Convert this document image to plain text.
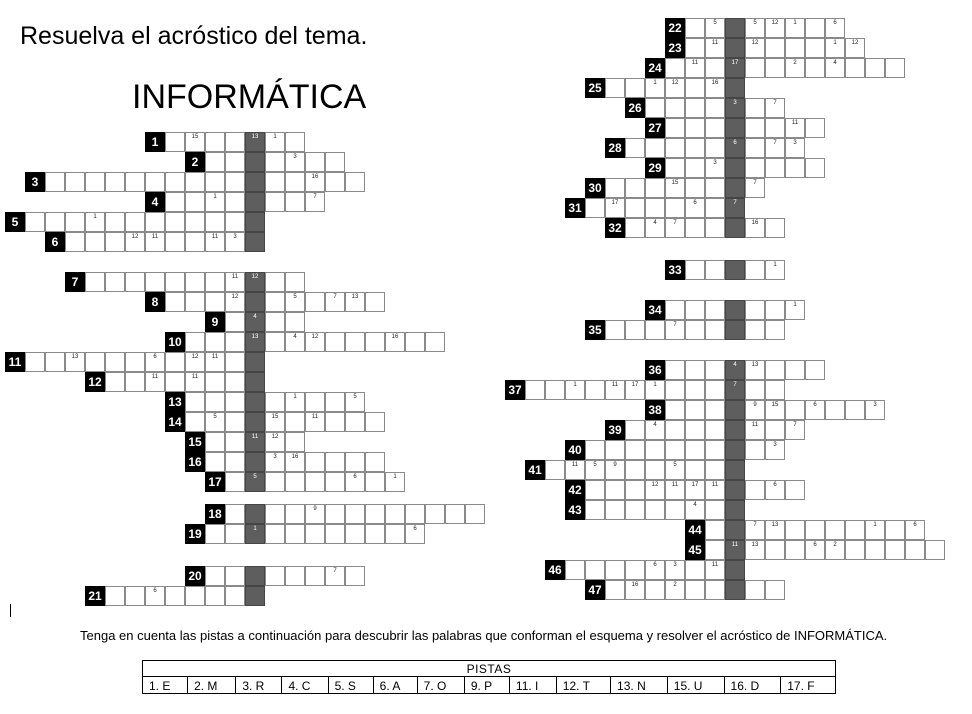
Resuelva el acróstico del tema.
INFORMÁTICA
1	15	13	1
2	3
3	16
4	1	7
5	1
6	12	11	11	3
7	11	12
8	12	5	7	13
9	4
10	13	4	12	16
11	13	6	12	11
12	11	11
13	1	5
14	5	15	11
15	11	12
16	3	16
17	5	6	1
18	9
19	1	6
20	7
21	6
22	5	5	12	1	6
23	11	12	1	12
24	11	17	2	4
25	1	12	16
26	3	7
27	11
28	6	7	3
29	3
30	15	7
31	17	6	7
32	4	7	16
33	1
34	1
35	7
36	4	13
37	1	11	17	1	7
38	9	15	6	3
39	4	11	7
40	3
41	11	5	9	5
42	12	11	17	11	6
43	4
44	7	13	1	6
45	11	13	6	2
46	6	3	11
47	16	2
Tenga en cuenta las pistas a continuación para descubrir las palabras que conforman el esquema y resolver el acróstico de INFORMÁTICA.
PISTAS
1. E	2. M	3. R	4. C	5. S	6. A	7. O	9. P	11. I	12. T	13. N	15. U	16. D	17. F
